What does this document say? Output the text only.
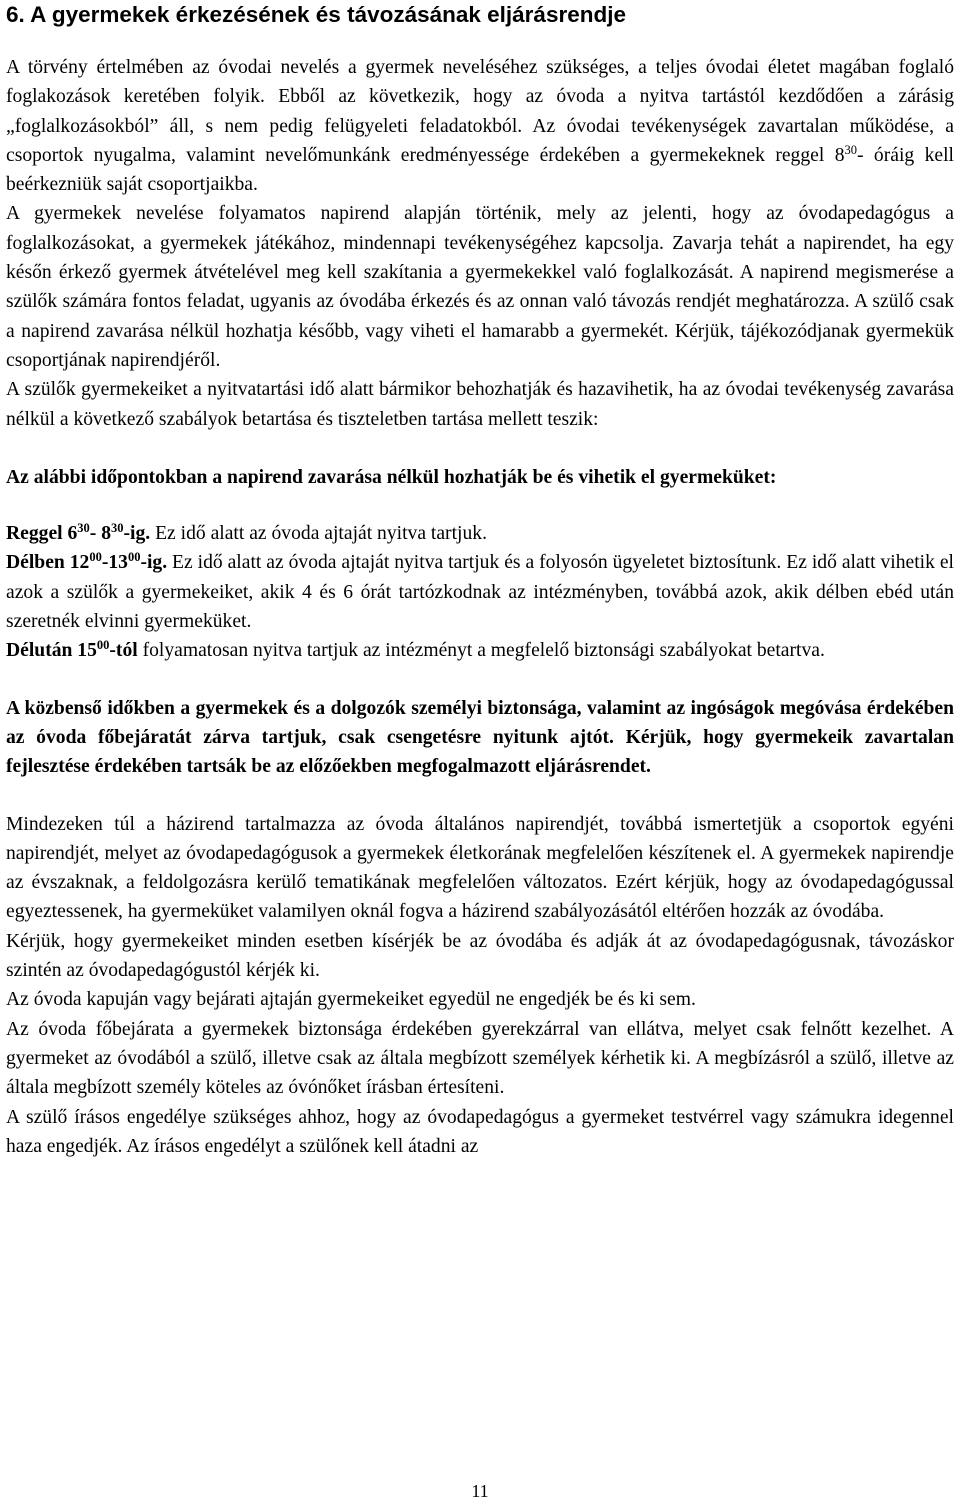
6. A gyermekek érkezésének és távozásának eljárásrendje

A törvény értelmében az óvodai nevelés a gyermek neveléséhez szükséges, a teljes óvodai életet magában foglaló foglakozások keretében folyik. Ebből az következik, hogy az óvoda a nyitva tartástól kezdődően a zárásig „foglalkozásokból” áll, s nem pedig felügyeleti feladatokból. Az óvodai tevékenységek zavartalan működése, a csoportok nyugalma, valamint nevelőmunkánk eredményessége érdekében a gyermekeknek reggel $8^{30}-$ óráig kell beérkezniük saját csoportjaikba.

A gyermekek nevelése folyamatos napirend alapján történik, mely az jelenti, hogy az óvodapedagógus a foglalkozásokat, a gyermekek játékához, mindennapi tevékenységéhez kapcsolja. Zavarja tehát a napirendet, ha egy későn érkező gyermek átvételével meg kell szakítania a gyermekekkel való foglalkozását. A napirend megismerése a szülők számára fontos feladat, ugyanis az óvodába érkezés és az onnan való távozás rendjét meghatározza. A szülő csak a napirend zavarása nélkül hozhatja később, vagy viheti el hamarabb a gyermekét. Kérjük, tájékozódjanak gyermekük csoportjának napirendjéről.

A szülők gyermekeiket a nyitvatartási idő alatt bármikor behozhatják és hazavihetik, ha az óvodai tevékenység zavarása nélkül a következő szabályok betartása és tiszteletben tartása mellett teszik:

Az alábbi időpontokban a napirend zavarása nélkül hozhatják be és vihetik el gyermeküket:

Reggel $6^{30}-$ $8^{30}-ig$. Ez idő alatt az óvoda ajtaját nyitva tartjuk.

Délben $12^{00}-13^{00}-ig$. Ez idő alatt az óvoda ajtaját nyitva tartjuk és a folyosón ügyeletet biztosítunk. Ez idő alatt vihetik el azok a szülők a gyermekeiket, akik 4 és 6 órát tartózkodnak az intézményben, továbbá azok, akik délben ebéd után szeretnék elvinni gyermeküket.

Délután $15^{00}$-tól folyamatosan nyitva tartjuk az intézményt a megfelelő biztonsági szabályokat betartva.

A közbenső időkben a gyermekek és a dolgozók személyi biztonsága, valamint az ingóságok megóvása érdekében az óvoda főbejáratát zárva tartjuk, csak csengetésre nyitunk ajtót. Kérjük, hogy gyermekeik zavartalan fejlesztése érdekében tartsák be az előzőekben megfogalmazott eljárásrendet.

Mindezeken túl a házirend tartalmazza az óvoda általános napirendjét, továbbá ismertetjük a csoportok egyéni napirendjét, melyet az óvodapedagógusok a gyermekek életkorának megfelelően készítenek el. A gyermekek napirendje az évszaknak, a feldolgozásra kerülő tematikának megfelelően változatos. Ezért kérjük, hogy az óvodapedagógussal egyeztessenek, ha gyermeküket valamilyen oknál fogva a házirend szabályozásától eltérően hozzák az óvodába.

Kérjük, hogy gyermekeiket minden esetben kísérjék be az óvodába és adják át az óvodapedagógusnak, távozáskor szintén az óvodapedagógustól kérjék ki.

Az óvoda kapuján vagy bejárati ajtaján gyermekeiket egyedül ne engedjék be és ki sem.

Az óvoda főbejárata a gyermekek biztonsága érdekében gyerekzárral van ellátva, melyet csak felnőtt kezelhet. A gyermeket az óvodából a szülő, illetve csak az általa megbízott személyek kérhetik ki. A megbízásról a szülő, illetve az általa megbízott személy köteles az óvónőket írásban értesíteni.

A szülő írásos engedélye szükséges ahhoz, hogy az óvodapedagógus a gyermeket testvérrel vagy számukra idegennel haza engedjék. Az írásos engedélyt a szülőnek kell átadni az

11
